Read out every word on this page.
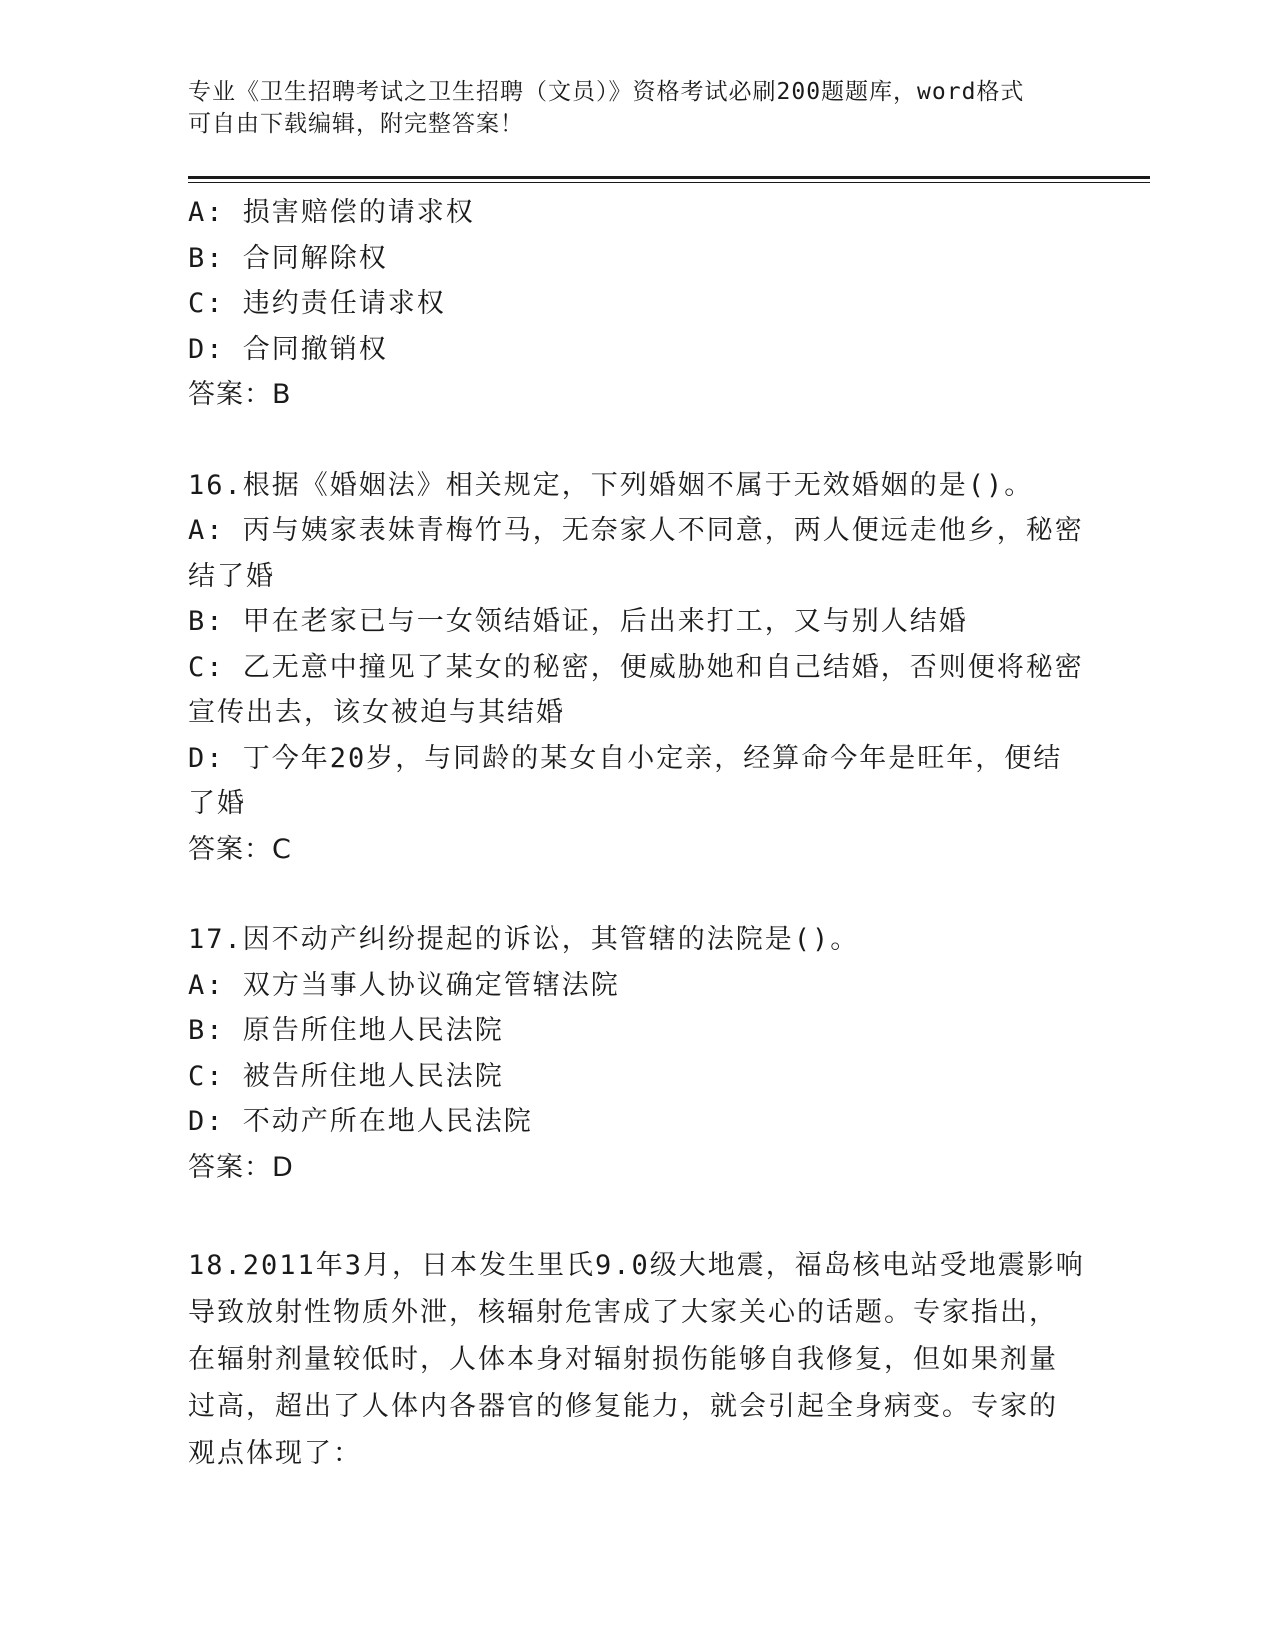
专业《卫生招聘考试之卫生招聘（文员）》资格考试必刷200题题库，word格式
可自由下载编辑，附完整答案！
A: 损害赔偿的请求权
B: 合同解除权
C: 违约责任请求权
D: 合同撤销权
答案：B
16.根据《婚姻法》相关规定，下列婚姻不属于无效婚姻的是()。
A: 丙与姨家表妹青梅竹马，无奈家人不同意，两人便远走他乡，秘密
结了婚
B: 甲在老家已与一女领结婚证，后出来打工，又与别人结婚
C: 乙无意中撞见了某女的秘密，便威胁她和自己结婚，否则便将秘密
宣传出去，该女被迫与其结婚
D: 丁今年20岁，与同龄的某女自小定亲，经算命今年是旺年，便结
了婚
答案：C
17.因不动产纠纷提起的诉讼，其管辖的法院是()。
A: 双方当事人协议确定管辖法院
B: 原告所住地人民法院
C: 被告所住地人民法院
D: 不动产所在地人民法院
答案：D
18.2011年3月，日本发生里氏9.0级大地震，福岛核电站受地震影响
导致放射性物质外泄，核辐射危害成了大家关心的话题。专家指出，
在辐射剂量较低时，人体本身对辐射损伤能够自我修复，但如果剂量
过高，超出了人体内各器官的修复能力，就会引起全身病变。专家的
观点体现了：
